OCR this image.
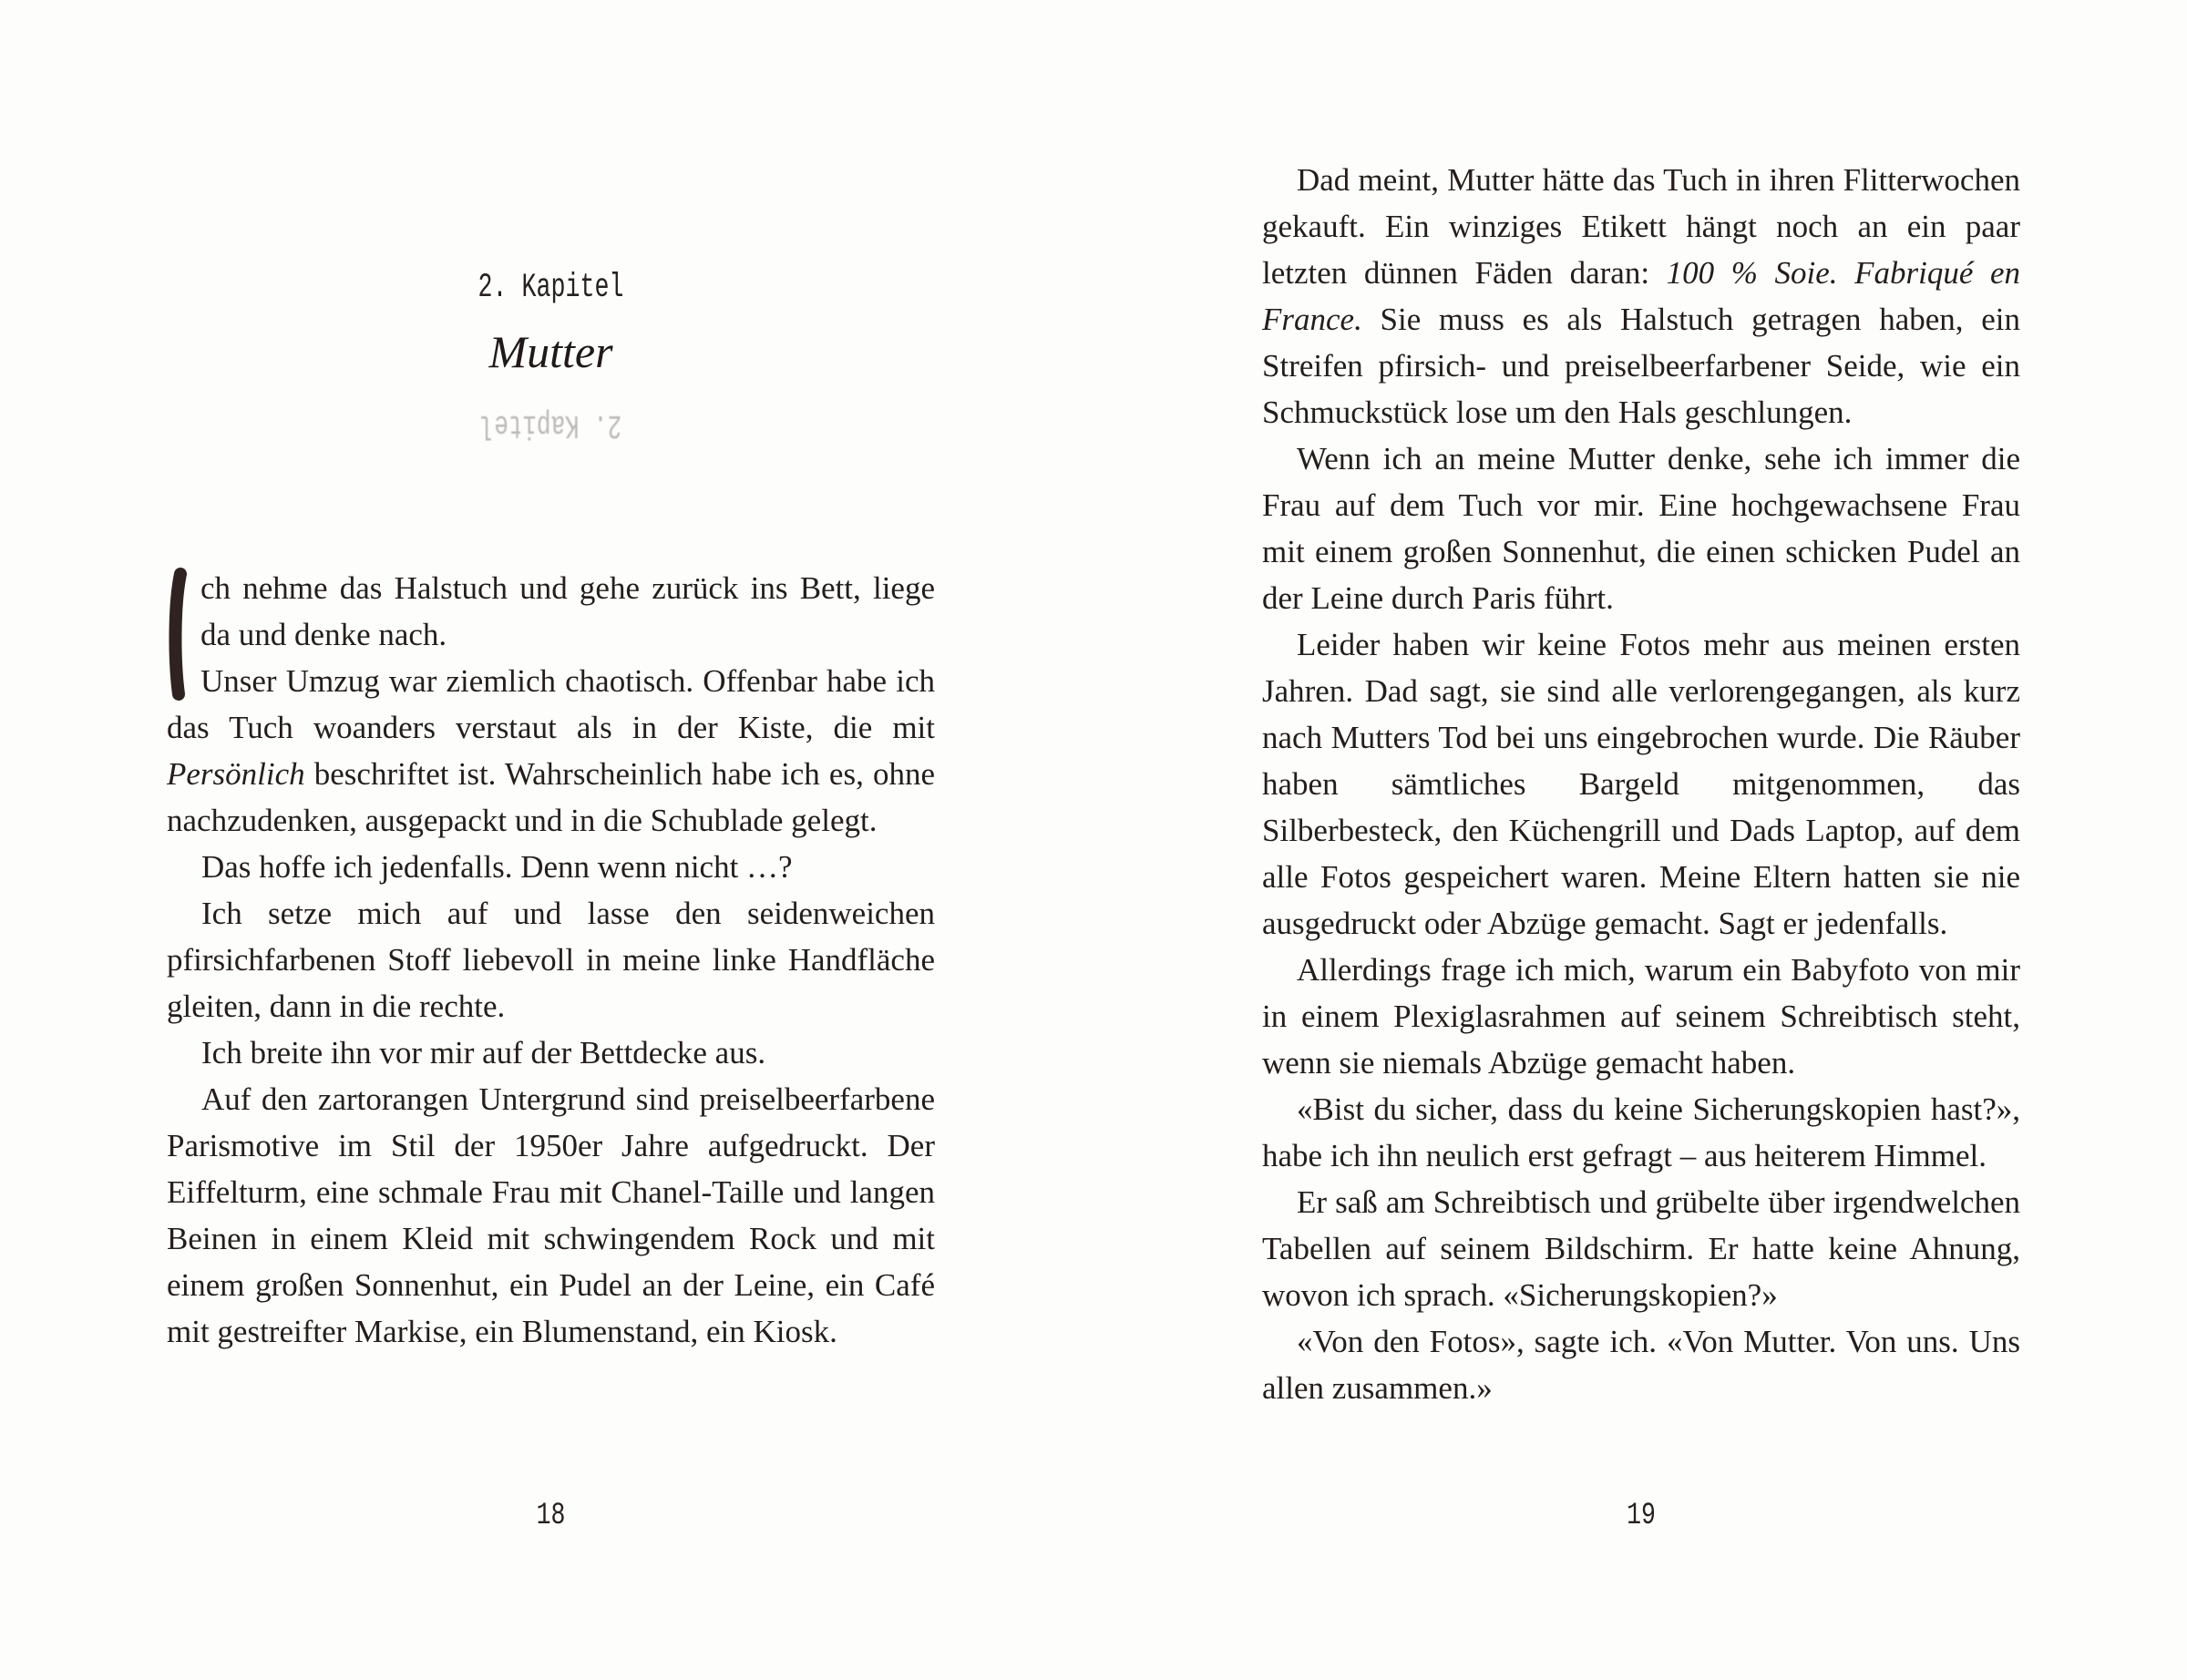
2. Kapitel
Mutter
2. Kapitel

ch nehme das Halstuch und gehe zurück ins Bett, liege da und denke nach.

Unser Umzug war ziemlich chaotisch. Offenbar habe ich das Tuch woanders verstaut als in der Kiste, die mit Persönlich beschriftet ist. Wahrscheinlich habe ich es, ohne nachzudenken, ausgepackt und in die Schublade gelegt.

Das hoffe ich jedenfalls. Denn wenn nicht …?

Ich setze mich auf und lasse den seidenweichen pfirsichfarbenen Stoff liebevoll in meine linke Handfläche gleiten, dann in die rechte.

Ich breite ihn vor mir auf der Bettdecke aus.

Auf den zartorangen Untergrund sind preiselbeerfarbene Parismotive im Stil der 1950er Jahre aufgedruckt. Der Eiffelturm, eine schmale Frau mit Chanel-Taille und langen Beinen in einem Kleid mit schwingendem Rock und mit einem großen Sonnenhut, ein Pudel an der Leine, ein Café mit gestreifter Markise, ein Blumenstand, ein Kiosk.

18

Dad meint, Mutter hätte das Tuch in ihren Flitterwochen gekauft. Ein winziges Etikett hängt noch an ein paar letzten dünnen Fäden daran: 100 % Soie. Fabriqué en France. Sie muss es als Halstuch getragen haben, ein Streifen pfirsich- und preiselbeerfarbener Seide, wie ein Schmuckstück lose um den Hals geschlungen.

Wenn ich an meine Mutter denke, sehe ich immer die Frau auf dem Tuch vor mir. Eine hochgewachsene Frau mit einem großen Sonnenhut, die einen schicken Pudel an der Leine durch Paris führt.

Leider haben wir keine Fotos mehr aus meinen ersten Jahren. Dad sagt, sie sind alle verlorengegangen, als kurz nach Mutters Tod bei uns eingebrochen wurde. Die Räuber haben sämtliches Bargeld mitgenommen, das Silberbesteck, den Küchengrill und Dads Laptop, auf dem alle Fotos gespeichert waren. Meine Eltern hatten sie nie ausgedruckt oder Abzüge gemacht. Sagt er jedenfalls.

Allerdings frage ich mich, warum ein Babyfoto von mir in einem Plexiglasrahmen auf seinem Schreibtisch steht, wenn sie niemals Abzüge gemacht haben.

«Bist du sicher, dass du keine Sicherungskopien hast?», habe ich ihn neulich erst gefragt – aus heiterem Himmel.

Er saß am Schreibtisch und grübelte über irgendwelchen Tabellen auf seinem Bildschirm. Er hatte keine Ahnung, wovon ich sprach. «Sicherungskopien?»

«Von den Fotos», sagte ich. «Von Mutter. Von uns. Uns allen zusammen.»

19
